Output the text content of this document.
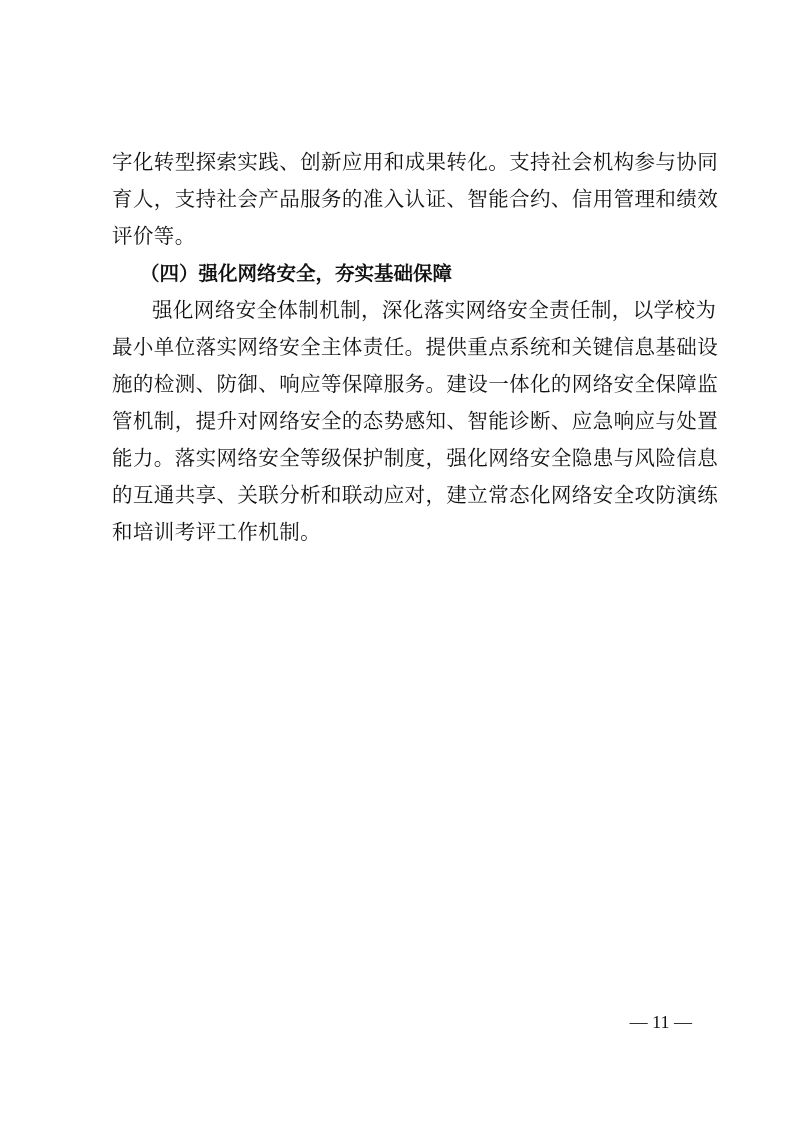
字化转型探索实践、创新应用和成果转化。支持社会机构参与协同
育人，支持社会产品服务的准入认证、智能合约、信用管理和绩效
评价等。
（四）强化网络安全，夯实基础保障
强化网络安全体制机制，深化落实网络安全责任制，以学校为
最小单位落实网络安全主体责任。提供重点系统和关键信息基础设
施的检测、防御、响应等保障服务。建设一体化的网络安全保障监
管机制，提升对网络安全的态势感知、智能诊断、应急响应与处置
能力。落实网络安全等级保护制度，强化网络安全隐患与风险信息
的互通共享、关联分析和联动应对，建立常态化网络安全攻防演练
和培训考评工作机制。
— 11 —
